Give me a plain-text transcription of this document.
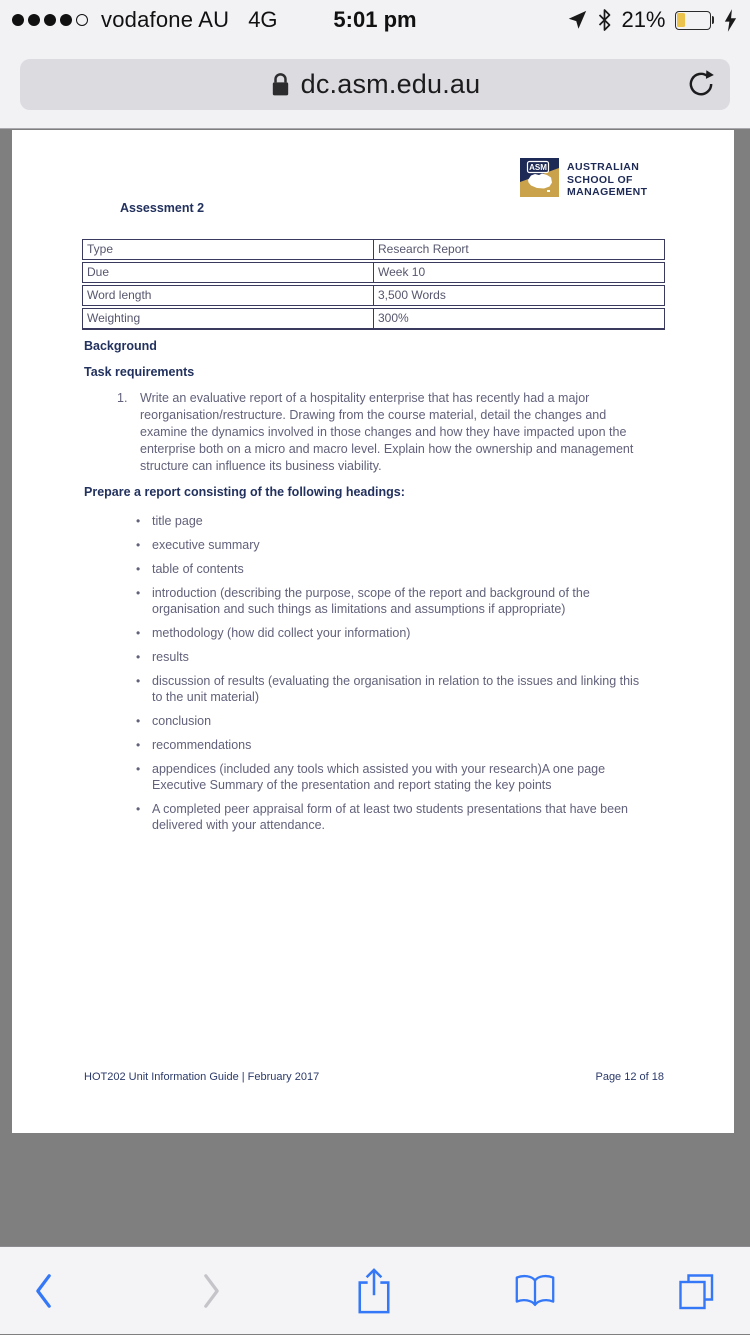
vodafone AU 4G	5:01 pm	21%
dc.asm.edu.au
ASM AUSTRALIAN
SCHOOL OF
MANAGEMENT
Assessment 2
Type	Research Report
Due	Week 10
Word length	3,500 Words
Weighting	300%
Background
Task requirements
1.	Write an evaluative report of a hospitality enterprise that has recently had a major reorganisation/restructure. Drawing from the course material, detail the changes and examine the dynamics involved in those changes and how they have impacted upon the enterprise both on a micro and macro level. Explain how the ownership and management structure can influence its business viability.
Prepare a report consisting of the following headings:
• title page
• executive summary
• table of contents
• introduction (describing the purpose, scope of the report and background of the organisation and such things as limitations and assumptions if appropriate)
• methodology (how did collect your information)
• results
• discussion of results (evaluating the organisation in relation to the issues and linking this to the unit material)
• conclusion
• recommendations
• appendices (included any tools which assisted you with your research)A one page Executive Summary of the presentation and report stating the key points
• A completed peer appraisal form of at least two students presentations that have been delivered with your attendance.
HOT202 Unit Information Guide | February 2017	Page 12 of 18
